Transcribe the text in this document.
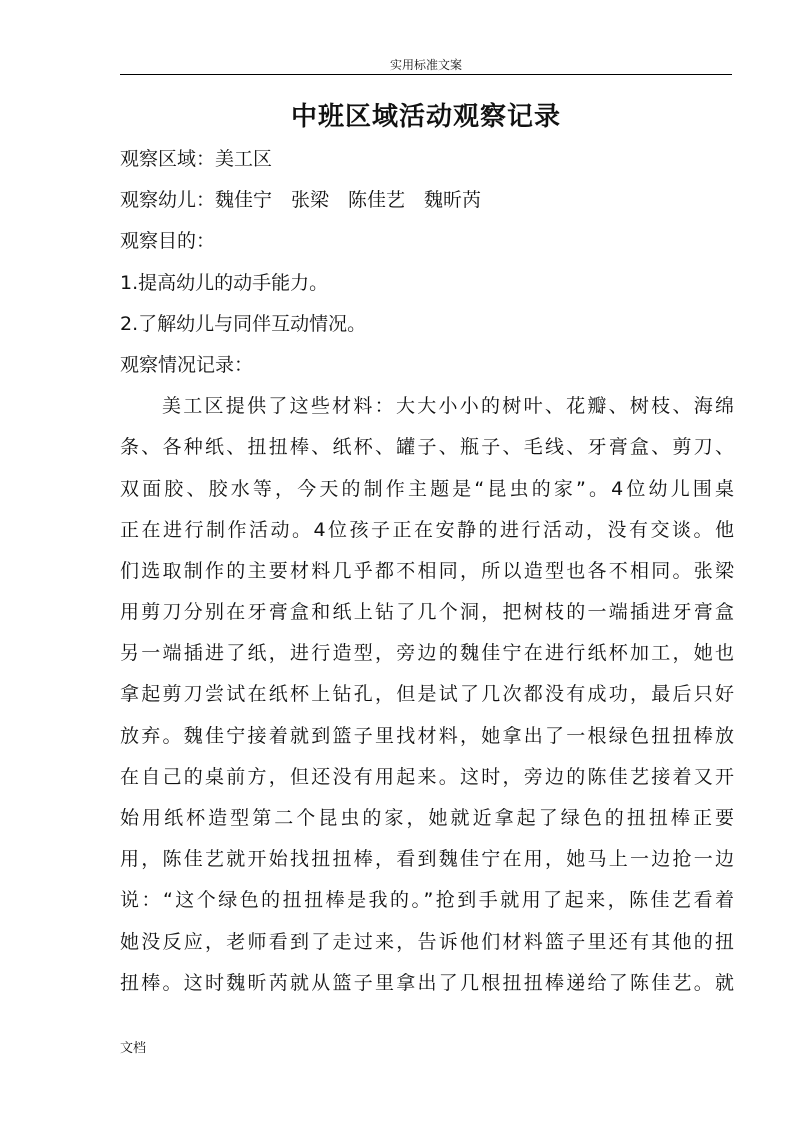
实用标准文案
中班区域活动观察记录
观察区域：美工区
观察幼儿：魏佳宁　张梁　陈佳艺　魏昕芮
观察目的：
1.提高幼儿的动手能力。
2.了解幼儿与同伴互动情况。
观察情况记录：
美工区提供了这些材料：大大小小的树叶、花瓣、树枝、海绵
条、各种纸、扭扭棒、纸杯、罐子、瓶子、毛线、牙膏盒、剪刀、
双面胶、胶水等，今天的制作主题是“昆虫的家”。4位幼儿围桌
正在进行制作活动。4位孩子正在安静的进行活动，没有交谈。他
们选取制作的主要材料几乎都不相同，所以造型也各不相同。张梁
用剪刀分别在牙膏盒和纸上钻了几个洞，把树枝的一端插进牙膏盒
另一端插进了纸，进行造型，旁边的魏佳宁在进行纸杯加工，她也
拿起剪刀尝试在纸杯上钻孔，但是试了几次都没有成功，最后只好
放弃。魏佳宁接着就到篮子里找材料，她拿出了一根绿色扭扭棒放
在自己的桌前方，但还没有用起来。这时，旁边的陈佳艺接着又开
始用纸杯造型第二个昆虫的家，她就近拿起了绿色的扭扭棒正要
用，陈佳艺就开始找扭扭棒，看到魏佳宁在用，她马上一边抢一边
说：“这个绿色的扭扭棒是我的。”抢到手就用了起来，陈佳艺看着
她没反应，老师看到了走过来，告诉他们材料篮子里还有其他的扭
扭棒。这时魏昕芮就从篮子里拿出了几根扭扭棒递给了陈佳艺。就
文档
